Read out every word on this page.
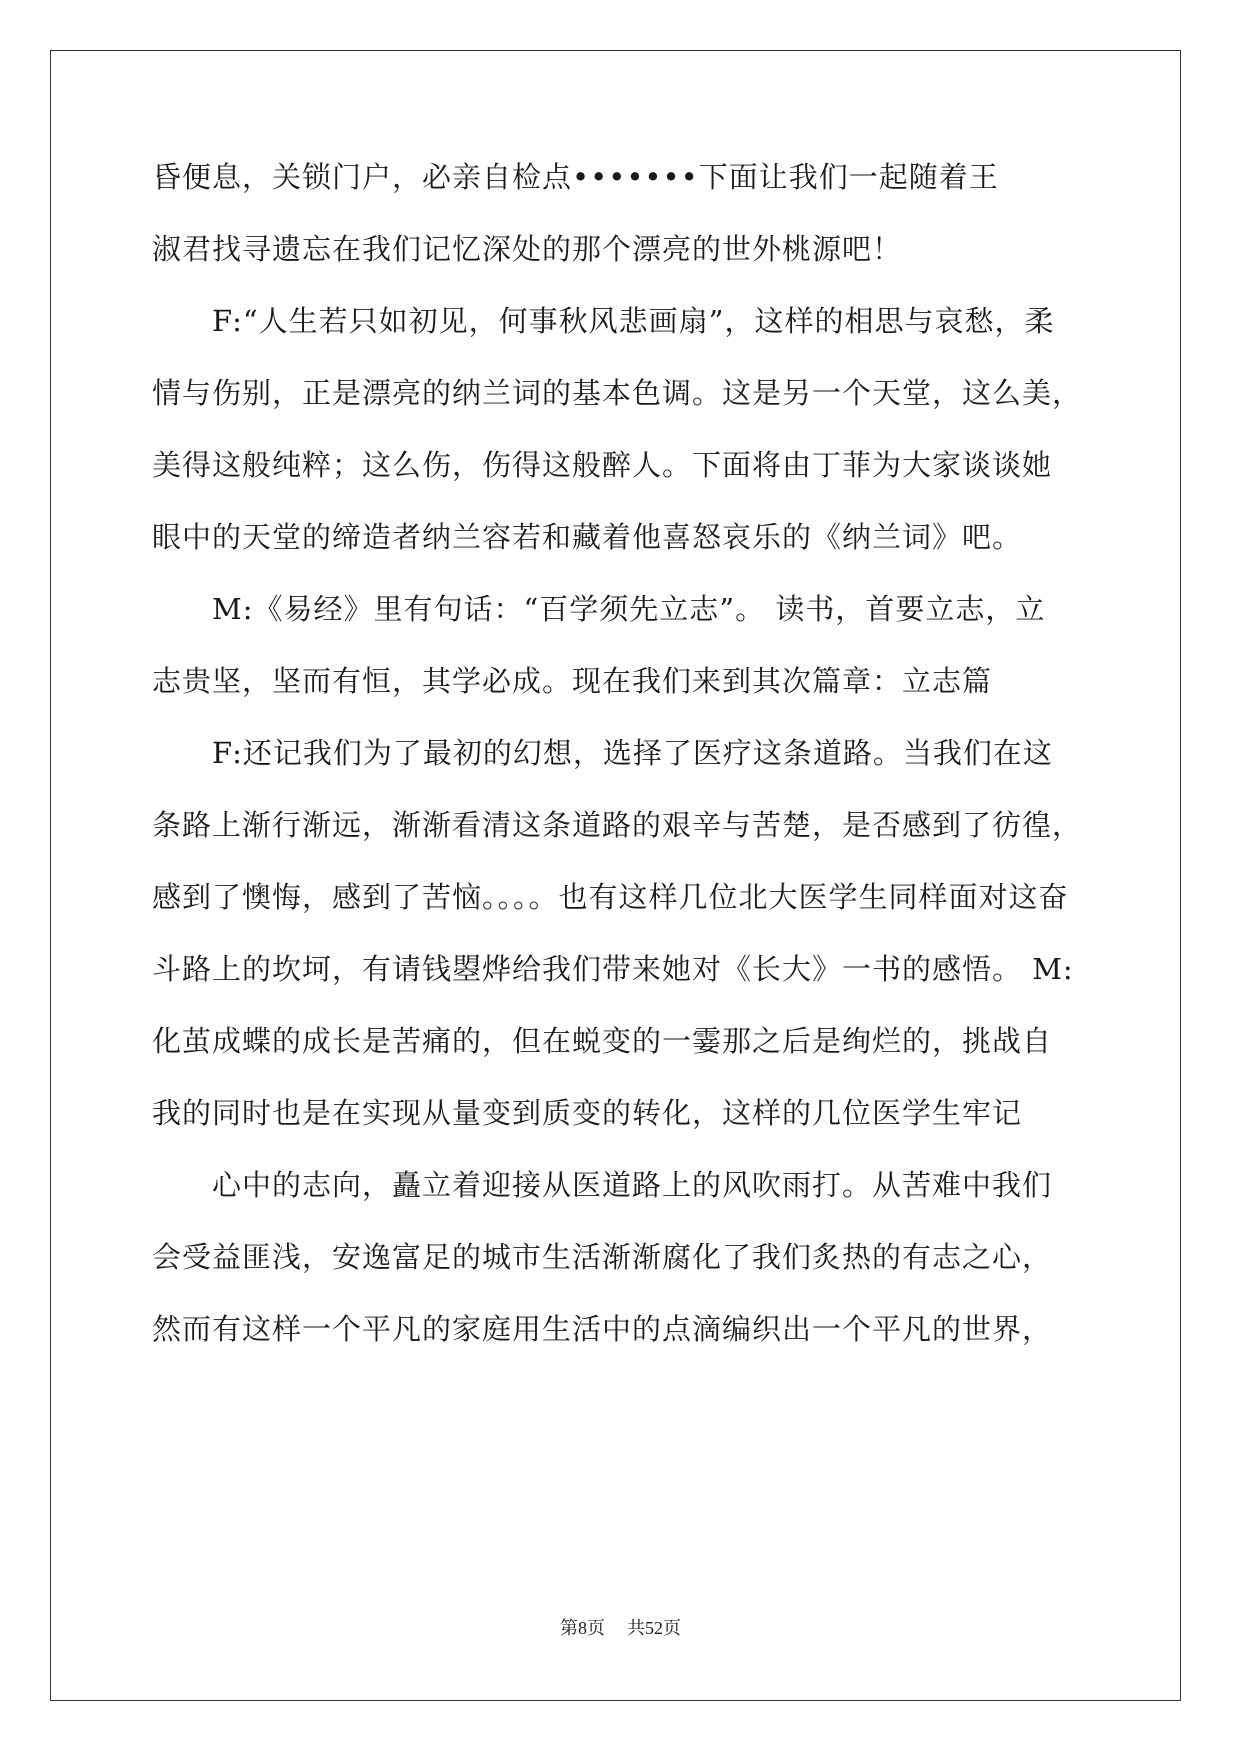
昏便息，关锁门户，必亲自检点•••••••下面让我们一起随着王
淑君找寻遗忘在我们记忆深处的那个漂亮的世外桃源吧！
　　F:“人生若只如初见，何事秋风悲画扇”，这样的相思与哀愁，柔
情与伤别，正是漂亮的纳兰词的基本色调。这是另一个天堂，这么美，
美得这般纯粹；这么伤，伤得这般醉人。下面将由丁菲为大家谈谈她
眼中的天堂的缔造者纳兰容若和藏着他喜怒哀乐的《纳兰词》吧。
　　M:《易经》里有句话：“百学须先立志”。 读书，首要立志，立
志贵坚，坚而有恒，其学必成。现在我们来到其次篇章：立志篇
　　F:还记我们为了最初的幻想，选择了医疗这条道路。当我们在这
条路上渐行渐远，渐渐看清这条道路的艰辛与苦楚，是否感到了彷徨，
感到了懊悔，感到了苦恼。。。。也有这样几位北大医学生同样面对这奋
斗路上的坎坷，有请钱曌烨给我们带来她对《长大》一书的感悟。 M:
化茧成蝶的成长是苦痛的，但在蜕变的一霎那之后是绚烂的，挑战自
我的同时也是在实现从量变到质变的转化，这样的几位医学生牢记
　　心中的志向，矗立着迎接从医道路上的风吹雨打。从苦难中我们
会受益匪浅，安逸富足的城市生活渐渐腐化了我们炙热的有志之心，
然而有这样一个平凡的家庭用生活中的点滴编织出一个平凡的世界，
第8页 共52页
